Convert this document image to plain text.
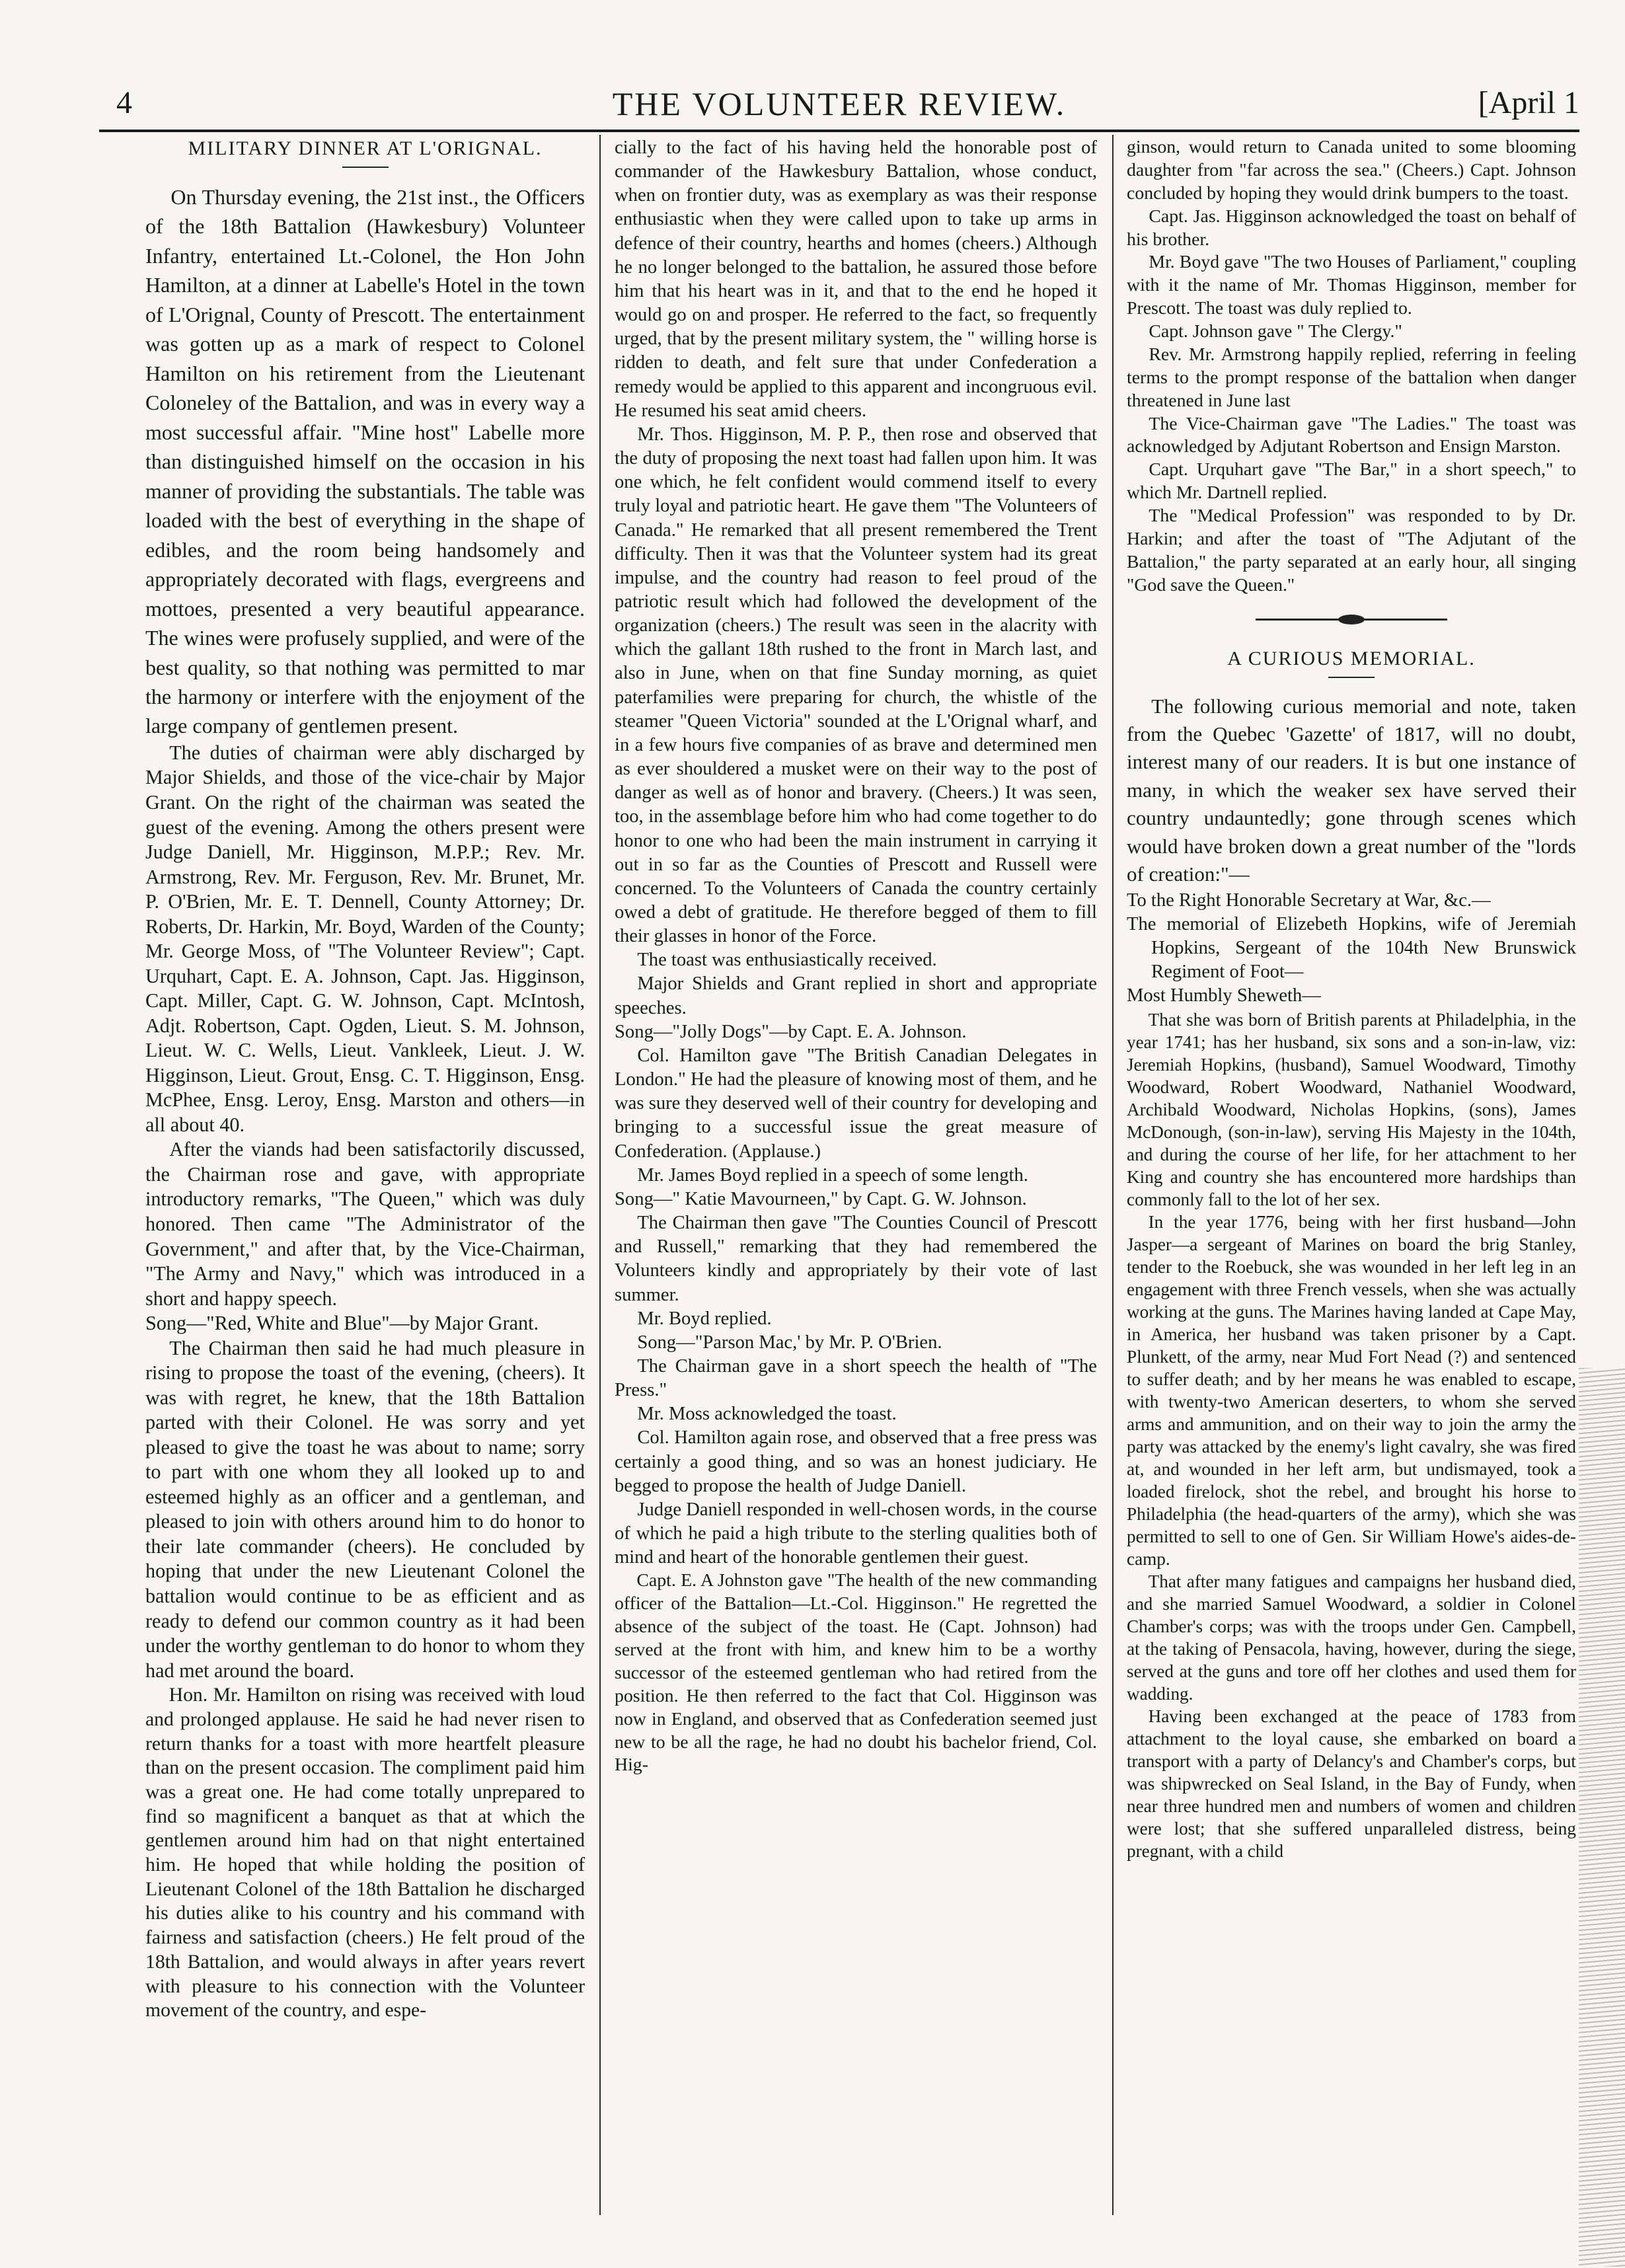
4	THE VOLUNTEER REVIEW.	[April 1
MILITARY DINNER AT L'ORIGNAL.

On Thursday evening, the 21st inst., the Officers of the 18th Battalion (Hawkesbury) Volunteer Infantry, entertained Lt.-Colonel, the Hon John Hamilton, at a dinner at Labelle's Hotel in the town of L'Orignal, County of Prescott. The entertainment was gotten up as a mark of respect to Colonel Hamilton on his retirement from the Lieutenant Coloneley of the Battalion, and was in every way a most successful affair. "Mine host" Labelle more than distinguished himself on the occasion in his manner of providing the substantials. The table was loaded with the best of everything in the shape of edibles, and the room being handsomely and appropriately decorated with flags, evergreens and mottoes, presented a very beautiful appearance. The wines were profusely supplied, and were of the best quality, so that nothing was permitted to mar the harmony or interfere with the enjoyment of the large company of gentlemen present.

The duties of chairman were ably discharged by Major Shields, and those of the vice-chair by Major Grant. On the right of the chairman was seated the guest of the evening. Among the others present were Judge Daniell, Mr. Higginson, M.P.P.; Rev. Mr. Armstrong, Rev. Mr. Ferguson, Rev. Mr. Brunet, Mr. P. O'Brien, Mr. E. T. Dennell, County Attorney; Dr. Roberts, Dr. Harkin, Mr. Boyd, Warden of the County; Mr. George Moss, of "The Volunteer Review"; Capt. Urquhart, Capt. E. A. Johnson, Capt. Jas. Higginson, Capt. Miller, Capt. G. W. Johnson, Capt. McIntosh, Adjt. Robertson, Capt. Ogden, Lieut. S. M. Johnson, Lieut. W. C. Wells, Lieut. Vankleek, Lieut. J. W. Higginson, Lieut. Grout, Ensg. C. T. Higginson, Ensg. McPhee, Ensg. Leroy, Ensg. Marston and others—in all about 40.

After the viands had been satisfactorily discussed, the Chairman rose and gave, with appropriate introductory remarks, "The Queen," which was duly honored. Then came "The Administrator of the Government," and after that, by the Vice-Chairman, "The Army and Navy," which was introduced in a short and happy speech.

Song—"Red, White and Blue"—by Major Grant.

The Chairman then said he had much pleasure in rising to propose the toast of the evening, (cheers). It was with regret, he knew, that the 18th Battalion parted with their Colonel. He was sorry and yet pleased to give the toast he was about to name; sorry to part with one whom they all looked up to and esteemed highly as an officer and a gentleman, and pleased to join with others around him to do honor to their late commander (cheers). He concluded by hoping that under the new Lieutenant Colonel the battalion would continue to be as efficient and as ready to defend our common country as it had been under the worthy gentleman to do honor to whom they had met around the board.

Hon. Mr. Hamilton on rising was received with loud and prolonged applause. He said he had never risen to return thanks for a toast with more heartfelt pleasure than on the present occasion. The compliment paid him was a great one. He had come totally unprepared to find so magnificent a banquet as that at which the gentlemen around him had on that night entertained him. He hoped that while holding the position of Lieutenant Colonel of the 18th Battalion he discharged his duties alike to his country and his command with fairness and satisfaction (cheers.) He felt proud of the 18th Battalion, and would always in after years revert with pleasure to his connection with the Volunteer movement of the country, and espe-

cially to the fact of his having held the honorable post of commander of the Hawkesbury Battalion, whose conduct, when on frontier duty, was as exemplary as was their response enthusiastic when they were called upon to take up arms in defence of their country, hearths and homes (cheers.) Although he no longer belonged to the battalion, he assured those before him that his heart was in it, and that to the end he hoped it would go on and prosper. He referred to the fact, so frequently urged, that by the present military system, the " willing horse is ridden to death, and felt sure that under Confederation a remedy would be applied to this apparent and incongruous evil. He resumed his seat amid cheers.

Mr. Thos. Higginson, M. P. P., then rose and observed that the duty of proposing the next toast had fallen upon him. It was one which, he felt confident would commend itself to every truly loyal and patriotic heart. He gave them "The Volunteers of Canada." He remarked that all present remembered the Trent difficulty. Then it was that the Volunteer system had its great impulse, and the country had reason to feel proud of the patriotic result which had followed the development of the organization (cheers.) The result was seen in the alacrity with which the gallant 18th rushed to the front in March last, and also in June, when on that fine Sunday morning, as quiet paterfamilies were preparing for church, the whistle of the steamer "Queen Victoria" sounded at the L'Orignal wharf, and in a few hours five companies of as brave and determined men as ever shouldered a musket were on their way to the post of danger as well as of honor and bravery. (Cheers.) It was seen, too, in the assemblage before him who had come together to do honor to one who had been the main instrument in carrying it out in so far as the Counties of Prescott and Russell were concerned. To the Volunteers of Canada the country certainly owed a debt of gratitude. He therefore begged of them to fill their glasses in honor of the Force.

The toast was enthusiastically received.

Major Shields and Grant replied in short and appropriate speeches.

Song—"Jolly Dogs"—by Capt. E. A. Johnson.

Col. Hamilton gave "The British Canadian Delegates in London." He had the pleasure of knowing most of them, and he was sure they deserved well of their country for developing and bringing to a successful issue the great measure of Confederation. (Applause.)

Mr. James Boyd replied in a speech of some length.

Song—" Katie Mavourneen," by Capt. G. W. Johnson.

The Chairman then gave "The Counties Council of Prescott and Russell," remarking that they had remembered the Volunteers kindly and appropriately by their vote of last summer.

Mr. Boyd replied.

Song—"Parson Mac,' by Mr. P. O'Brien.

The Chairman gave in a short speech the health of "The Press."

Mr. Moss acknowledged the toast.

Col. Hamilton again rose, and observed that a free press was certainly a good thing, and so was an honest judiciary. He begged to propose the health of Judge Daniell.

Judge Daniell responded in well-chosen words, in the course of which he paid a high tribute to the sterling qualities both of mind and heart of the honorable gentlemen their guest.

Capt. E. A Johnston gave "The health of the new commanding officer of the Battalion—Lt.-Col. Higginson." He regretted the absence of the subject of the toast. He (Capt. Johnson) had served at the front with him, and knew him to be a worthy successor of the esteemed gentleman who had retired from the position. He then referred to the fact that Col. Higginson was now in England, and observed that as Confederation seemed just new to be all the rage, he had no doubt his bachelor friend, Col. Hig-

ginson, would return to Canada united to some blooming daughter from "far across the sea." (Cheers.) Capt. Johnson concluded by hoping they would drink bumpers to the toast.

Capt. Jas. Higginson acknowledged the toast on behalf of his brother.

Mr. Boyd gave "The two Houses of Parliament," coupling with it the name of Mr. Thomas Higginson, member for Prescott. The toast was duly replied to.

Capt. Johnson gave " The Clergy."

Rev. Mr. Armstrong happily replied, referring in feeling terms to the prompt response of the battalion when danger threatened in June last

The Vice-Chairman gave "The Ladies." The toast was acknowledged by Adjutant Robertson and Ensign Marston.

Capt. Urquhart gave "The Bar," in a short speech," to which Mr. Dartnell replied.

The "Medical Profession" was responded to by Dr. Harkin; and after the toast of "The Adjutant of the Battalion," the party separated at an early hour, all singing "God save the Queen."

A CURIOUS MEMORIAL.

The following curious memorial and note, taken from the Quebec 'Gazette' of 1817, will no doubt, interest many of our readers. It is but one instance of many, in which the weaker sex have served their country undauntedly; gone through scenes which would have broken down a great number of the "lords of creation:"—

To the Right Honorable Secretary at War, &c.—

The memorial of Elizebeth Hopkins, wife of Jeremiah Hopkins, Sergeant of the 104th New Brunswick Regiment of Foot—

Most Humbly Sheweth—

That she was born of British parents at Philadelphia, in the year 1741; has her husband, six sons and a son-in-law, viz: Jeremiah Hopkins, (husband), Samuel Woodward, Timothy Woodward, Robert Woodward, Nathaniel Woodward, Archibald Woodward, Nicholas Hopkins, (sons), James McDonough, (son-in-law), serving His Majesty in the 104th, and during the course of her life, for her attachment to her King and country she has encountered more hardships than commonly fall to the lot of her sex.

In the year 1776, being with her first husband—John Jasper—a sergeant of Marines on board the brig Stanley, tender to the Roebuck, she was wounded in her left leg in an engagement with three French vessels, when she was actually working at the guns. The Marines having landed at Cape May, in America, her husband was taken prisoner by a Capt. Plunkett, of the army, near Mud Fort Nead (?) and sentenced to suffer death; and by her means he was enabled to escape, with twenty-two American deserters, to whom she served arms and ammunition, and on their way to join the army the party was attacked by the enemy's light cavalry, she was fired at, and wounded in her left arm, but undismayed, took a loaded firelock, shot the rebel, and brought his horse to Philadelphia (the head-quarters of the army), which she was permitted to sell to one of Gen. Sir William Howe's aides-de-camp.

That after many fatigues and campaigns her husband died, and she married Samuel Woodward, a soldier in Colonel Chamber's corps; was with the troops under Gen. Campbell, at the taking of Pensacola, having, however, during the siege, served at the guns and tore off her clothes and used them for wadding.

Having been exchanged at the peace of 1783 from attachment to the loyal cause, she embarked on board a transport with a party of Delancy's and Chamber's corps, but was shipwrecked on Seal Island, in the Bay of Fundy, when near three hundred men and numbers of women and children were lost; that she suffered unparalleled distress, being pregnant, with a child
